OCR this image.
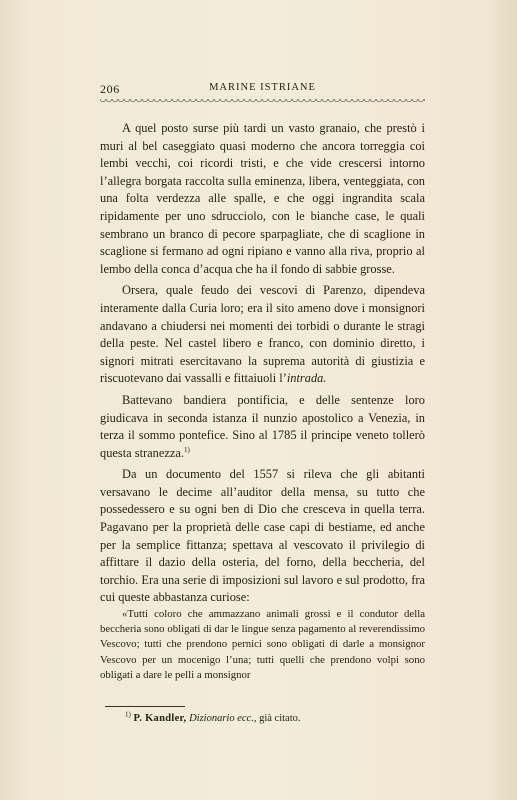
206	MARINE ISTRIANE

A quel posto surse più tardi un vasto granaio, che prestò i muri al bel caseggiato quasi moderno che ancora torreggia coi lembi vecchi, coi ricordi tristi, e che vide crescersi intorno l’allegra borgata raccolta sulla eminenza, libera, venteggiata, con una folta verdezza alle spalle, e che oggi ingrandita scala ripidamente per uno sdrucciolo, con le bianche case, le quali sembrano un branco di pecore sparpagliate, che di scaglione in scaglione si fermano ad ogni ripiano e vanno alla riva, proprio al lembo della conca d’acqua che ha il fondo di sabbie grosse.

Orsera, quale feudo dei vescovi di Parenzo, dipendeva interamente dalla Curia loro; era il sito ameno dove i monsignori andavano a chiudersi nei momenti dei torbidi o durante le stragi della peste. Nel castel libero e franco, con dominio diretto, i signori mitrati esercitavano la suprema autorità di giustizia e riscuotevano dai vassalli e fittaiuoli l’intrada.

Battevano bandiera pontificia, e delle sentenze loro giudicava in seconda istanza il nunzio apostolico a Venezia, in terza il sommo pontefice. Sino al 1785 il principe veneto tollerò questa stranezza.$^{1)}$

Da un documento del 1557 si rileva che gli abitanti versavano le decime all’auditor della mensa, su tutto che possedessero e su ogni ben di Dio che cresceva in quella terra. Pagavano per la proprietà delle case capi di bestiame, ed anche per la semplice fittanza; spettava al vescovato il privilegio di affittare il dazio della osteria, del forno, della beccheria, del torchio. Era una serie di imposizioni sul lavoro e sul prodotto, fra cui queste abbastanza curiose:

«Tutti coloro che ammazzano animali grossi e il condutor della beccheria sono obligati di dar le lingue senza pagamento al reverendissimo Vescovo; tutti che prendono pernici sono obligati di darle a monsignor Vescovo per un mocenigo l’una; tutti quelli che prendono volpi sono obligati a dare le pelli a monsignor

$^{1)}$ P. Kandler, Dizionario ecc., già citato.
